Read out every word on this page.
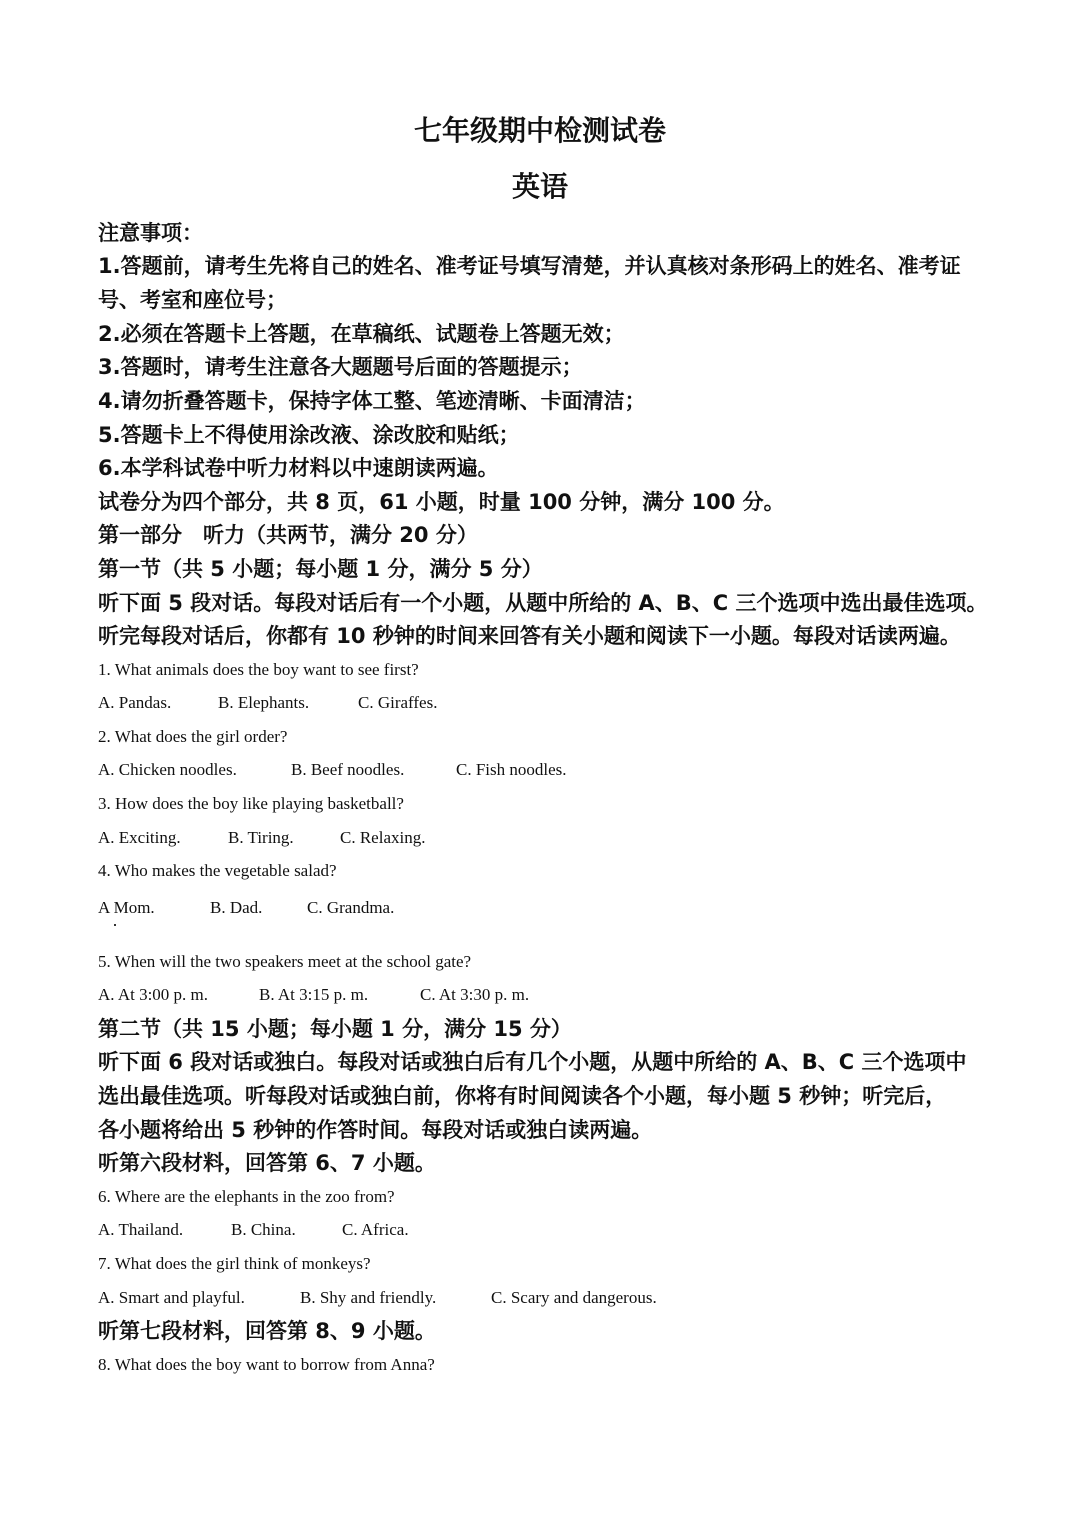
七年级期中检测试卷
英语
注意事项：
1.答题前，请考生先将自己的姓名、准考证号填写清楚，并认真核对条形码上的姓名、准考证
号、考室和座位号；
2.必须在答题卡上答题，在草稿纸、试题卷上答题无效；
3.答题时，请考生注意各大题题号后面的答题提示；
4.请勿折叠答题卡，保持字体工整、笔迹清晰、卡面清洁；
5.答题卡上不得使用涂改液、涂改胶和贴纸；
6.本学科试卷中听力材料以中速朗读两遍。
试卷分为四个部分，共 8 页，61 小题，时量 100 分钟，满分 100 分。
第一部分　听力（共两节，满分 20 分）
第一节（共 5 小题；每小题 1 分，满分 5 分）
听下面 5 段对话。每段对话后有一个小题，从题中所给的 A、B、C 三个选项中选出最佳选项。
听完每段对话后，你都有 10 秒钟的时间来回答有关小题和阅读下一小题。每段对话读两遍。
1. What animals does the boy want to see first?
A. Pandas.	B. Elephants.	C. Giraffes.
2. What does the girl order?
A. Chicken noodles.	B. Beef noodles.	C. Fish noodles.
3. How does the boy like playing basketball?
A. Exciting.	B. Tiring.	C. Relaxing.
4. Who makes the vegetable salad?
A Mom.	B. Dad.	C. Grandma.
5. When will the two speakers meet at the school gate?
A. At 3:00 p. m.	B. At 3:15 p. m.	C. At 3:30 p. m.
第二节（共 15 小题；每小题 1 分，满分 15 分）
听下面 6 段对话或独白。每段对话或独白后有几个小题，从题中所给的 A、B、C 三个选项中
选出最佳选项。听每段对话或独白前，你将有时间阅读各个小题，每小题 5 秒钟；听完后，
各小题将给出 5 秒钟的作答时间。每段对话或独白读两遍。
听第六段材料，回答第 6、7 小题。
6. Where are the elephants in the zoo from?
A. Thailand.	B. China.	C. Africa.
7. What does the girl think of monkeys?
A. Smart and playful.	B. Shy and friendly.	C. Scary and dangerous.
听第七段材料，回答第 8、9 小题。
8. What does the boy want to borrow from Anna?
